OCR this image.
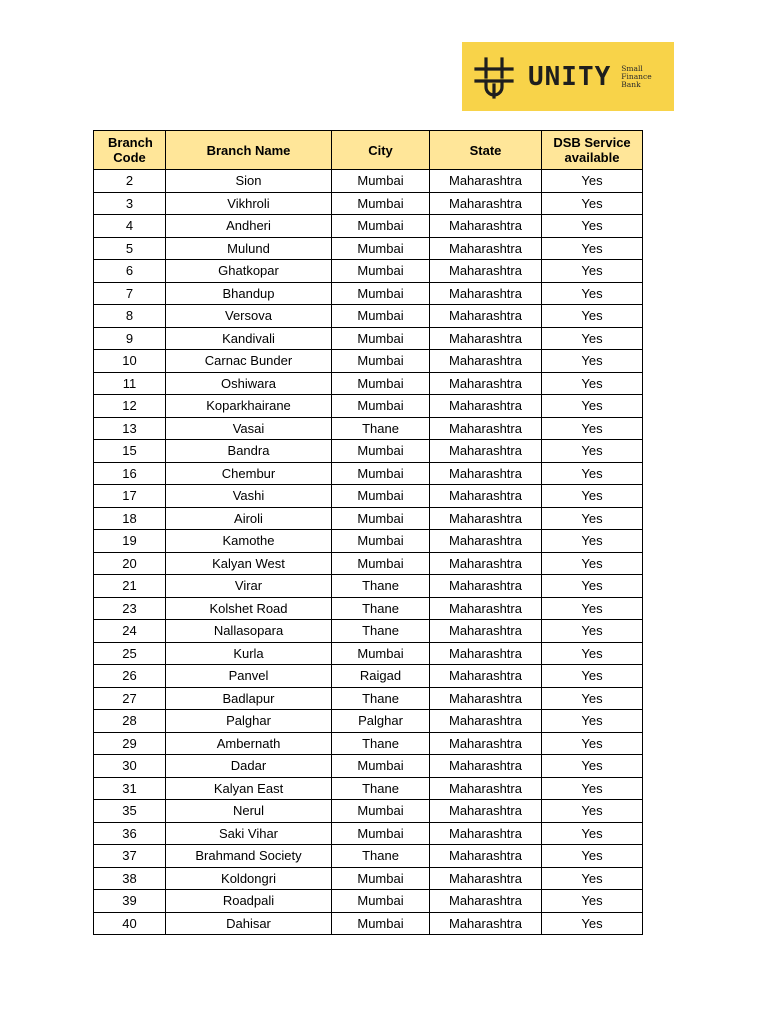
UNITY Small
Finance
Bank
Branch Code	Branch Name	City	State	DSB Service available
2	Sion	Mumbai	Maharashtra	Yes
3	Vikhroli	Mumbai	Maharashtra	Yes
4	Andheri	Mumbai	Maharashtra	Yes
5	Mulund	Mumbai	Maharashtra	Yes
6	Ghatkopar	Mumbai	Maharashtra	Yes
7	Bhandup	Mumbai	Maharashtra	Yes
8	Versova	Mumbai	Maharashtra	Yes
9	Kandivali	Mumbai	Maharashtra	Yes
10	Carnac Bunder	Mumbai	Maharashtra	Yes
11	Oshiwara	Mumbai	Maharashtra	Yes
12	Koparkhairane	Mumbai	Maharashtra	Yes
13	Vasai	Thane	Maharashtra	Yes
15	Bandra	Mumbai	Maharashtra	Yes
16	Chembur	Mumbai	Maharashtra	Yes
17	Vashi	Mumbai	Maharashtra	Yes
18	Airoli	Mumbai	Maharashtra	Yes
19	Kamothe	Mumbai	Maharashtra	Yes
20	Kalyan West	Mumbai	Maharashtra	Yes
21	Virar	Thane	Maharashtra	Yes
23	Kolshet Road	Thane	Maharashtra	Yes
24	Nallasopara	Thane	Maharashtra	Yes
25	Kurla	Mumbai	Maharashtra	Yes
26	Panvel	Raigad	Maharashtra	Yes
27	Badlapur	Thane	Maharashtra	Yes
28	Palghar	Palghar	Maharashtra	Yes
29	Ambernath	Thane	Maharashtra	Yes
30	Dadar	Mumbai	Maharashtra	Yes
31	Kalyan East	Thane	Maharashtra	Yes
35	Nerul	Mumbai	Maharashtra	Yes
36	Saki Vihar	Mumbai	Maharashtra	Yes
37	Brahmand Society	Thane	Maharashtra	Yes
38	Koldongri	Mumbai	Maharashtra	Yes
39	Roadpali	Mumbai	Maharashtra	Yes
40	Dahisar	Mumbai	Maharashtra	Yes
